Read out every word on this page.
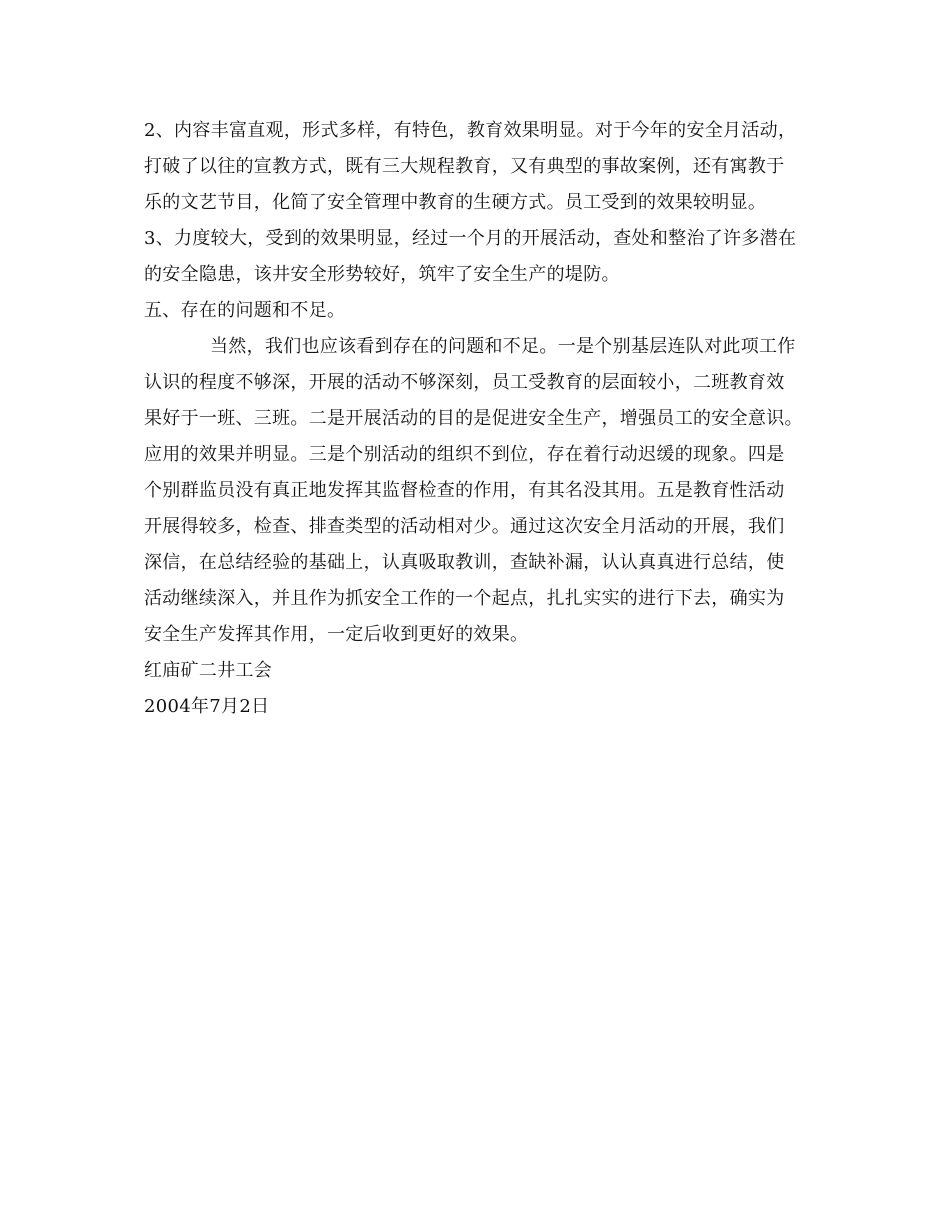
2、内容丰富直观，形式多样，有特色，教育效果明显。对于今年的安全月活动，
打破了以往的宣教方式，既有三大规程教育，又有典型的事故案例，还有寓教于
乐的文艺节目，化简了安全管理中教育的生硬方式。员工受到的效果较明显。
3、力度较大，受到的效果明显，经过一个月的开展活动，查处和整治了许多潜在
的安全隐患，该井安全形势较好，筑牢了安全生产的堤防。
五、存在的问题和不足。
当然，我们也应该看到存在的问题和不足。一是个别基层连队对此项工作
认识的程度不够深，开展的活动不够深刻，员工受教育的层面较小，二班教育效
果好于一班、三班。二是开展活动的目的是促进安全生产，增强员工的安全意识。
应用的效果并明显。三是个别活动的组织不到位，存在着行动迟缓的现象。四是
个别群监员没有真正地发挥其监督检查的作用，有其名没其用。五是教育性活动
开展得较多，检查、排查类型的活动相对少。通过这次安全月活动的开展，我们
深信，在总结经验的基础上，认真吸取教训，查缺补漏，认认真真进行总结，使
活动继续深入，并且作为抓安全工作的一个起点，扎扎实实的进行下去，确实为
安全生产发挥其作用，一定后收到更好的效果。
红庙矿二井工会
2004年7月2日
